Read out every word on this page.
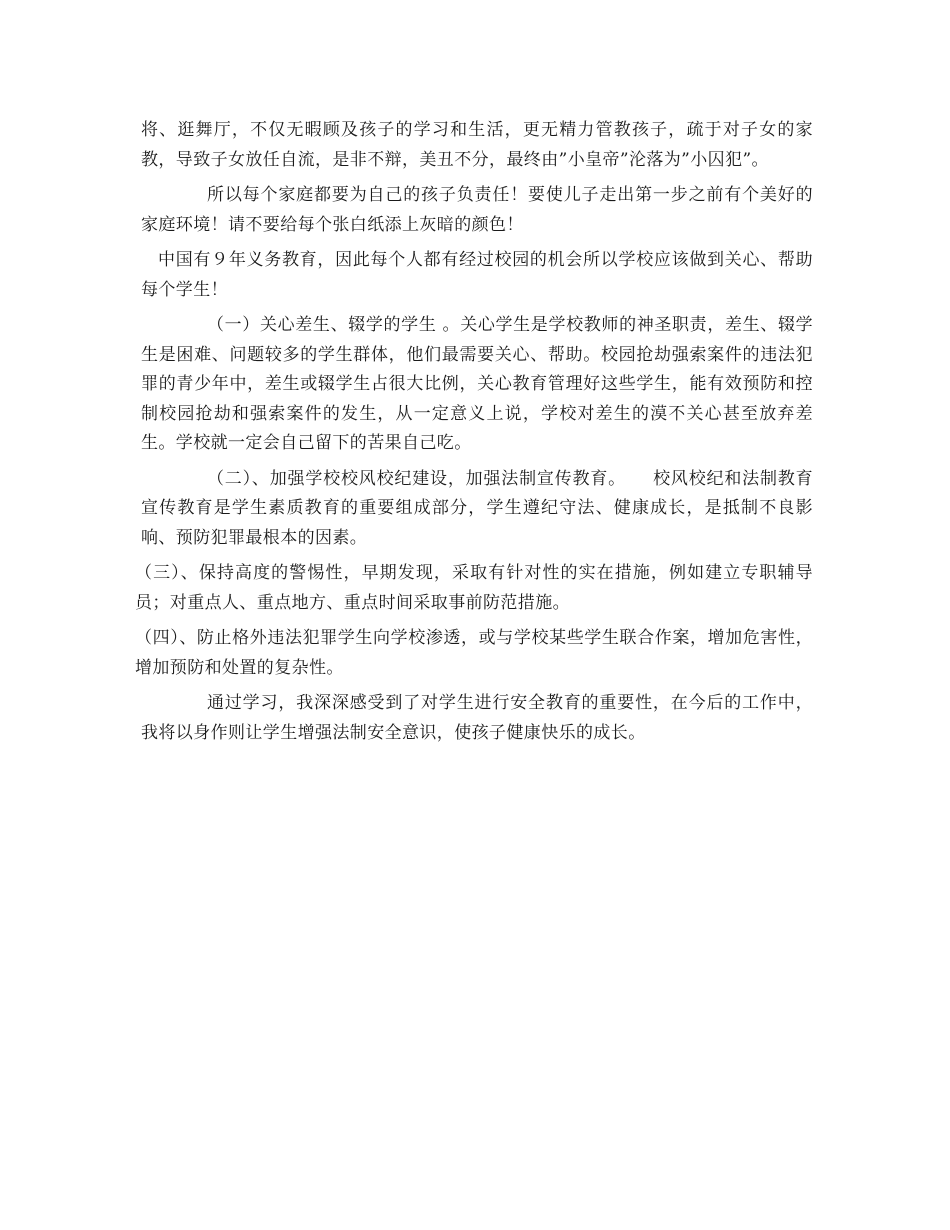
将、逛舞厅，不仅无暇顾及孩子的学习和生活，更无精力管教孩子，疏于对子女的家教，导致子女放任自流，是非不辩，美丑不分，最终由”小皇帝”沦落为”小囚犯”。

所以每个家庭都要为自己的孩子负责任！要使儿子走出第一步之前有个美好的家庭环境！请不要给每个张白纸添上灰暗的颜色！

中国有９年义务教育，因此每个人都有经过校园的机会所以学校应该做到关心、帮助每个学生！

（一）关心差生、辍学的学生 。关心学生是学校教师的神圣职责，差生、辍学生是困难、问题较多的学生群体，他们最需要关心、帮助。校园抢劫强索案件的违法犯罪的青少年中，差生或辍学生占很大比例，关心教育管理好这些学生，能有效预防和控制校园抢劫和强索案件的发生，从一定意义上说，学校对差生的漠不关心甚至放弃差生。学校就一定会自己留下的苦果自己吃。

（二）、加强学校校风校纪建设，加强法制宣传教育。　　校风校纪和法制教育宣传教育是学生素质教育的重要组成部分，学生遵纪守法、健康成长，是抵制不良影响、预防犯罪最根本的因素。

（三）、保持高度的警惕性，早期发现，采取有针对性的实在措施，例如建立专职辅导员；对重点人、重点地方、重点时间采取事前防范措施。

（四）、防止格外违法犯罪学生向学校渗透，或与学校某些学生联合作案，增加危害性，增加预防和处置的复杂性。

通过学习，我深深感受到了对学生进行安全教育的重要性，在今后的工作中，我将以身作则让学生增强法制安全意识，使孩子健康快乐的成长。
